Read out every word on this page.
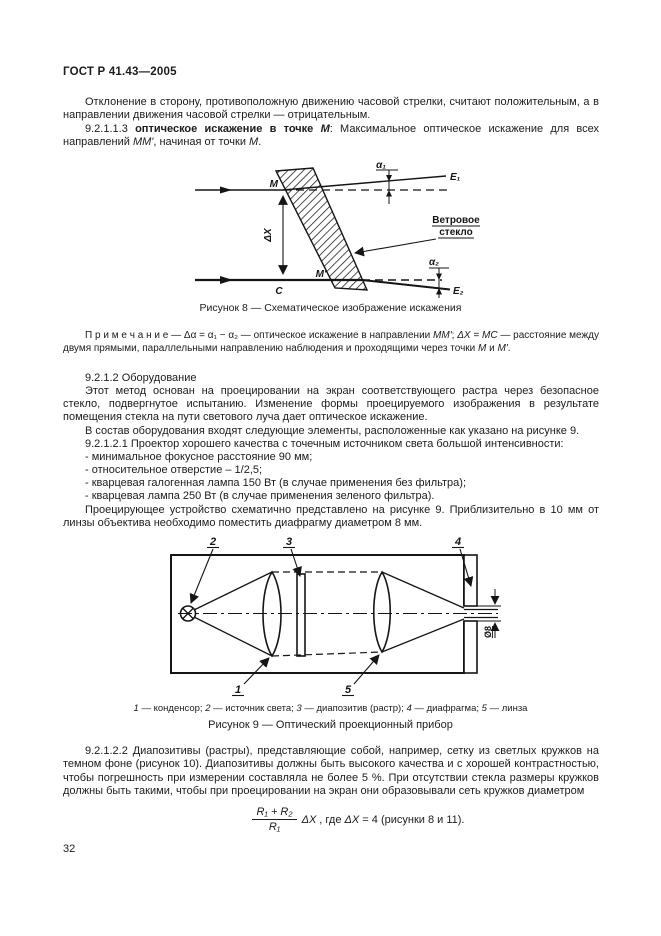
ГОСТ Р 41.43—2005

Отклонение в сторону, противоположную движению часовой стрелки, считают положительным, а в направлении движения часовой стрелки — отрицательным.

9.2.1.1.3 оптическое искажение в точке М: Максимальное оптическое искажение для всех направлений ММ', начиная от точки М.

E₁
α₁
E₂
α₂
ΔX
M
M'
C
Ветровое
стекло
Рисунок 8 — Схематическое изображение искажения

П р и м е ч а н и е — Δα = α₁ − α₂ — оптическое искажение в направлении ММ'; ΔX = МС — расстояние между двумя прямыми, параллельными направлению наблюдения и проходящими через точки М и М'.

9.2.1.2 Оборудование

Этот метод основан на проецировании на экран соответствующего растра через безопасное стекло, подвергнутое испытанию. Изменение формы проецируемого изображения в результате помещения стекла на пути светового луча дает оптическое искажение.

В состав оборудования входят следующие элементы, расположенные как указано на рисунке 9.

9.2.1.2.1 Проектор хорошего качества с точечным источником света большой интенсивности:

- минимальное фокусное расстояние 90 мм;

- относительное отверстие – 1/2,5;

- кварцевая галогенная лампа 150 Вт (в случае применения без фильтра);

- кварцевая лампа 250 Вт (в случае применения зеленого фильтра).

Проецирующее устройство схематично представлено на рисунке 9. Приблизительно в 10 мм от линзы объектива необходимо поместить диафрагму диаметром 8 мм.

Ø8
2	3	4
1	5
1 — конденсор; 2 — источник света; 3 — диапозитив (растр); 4 — диафрагма; 5 — линза
Рисунок 9 — Оптический проекционный прибор

9.2.1.2.2 Диапозитивы (растры), представляющие собой, например, сетку из светлых кружков на темном фоне (рисунок 10). Диапозитивы должны быть высокого качества и с хорошей контрастностью, чтобы погрешность при измерении составляла не более 5 %. При отсутствии стекла размеры кружков должны быть такими, чтобы при проецировании на экран они образовывали сеть кружков диаметром

$\frac{\text{R₁ + R₂}}{\text{R₁}}$ ΔX , где ΔX = 4 (рисунки 8 и 11).
32
